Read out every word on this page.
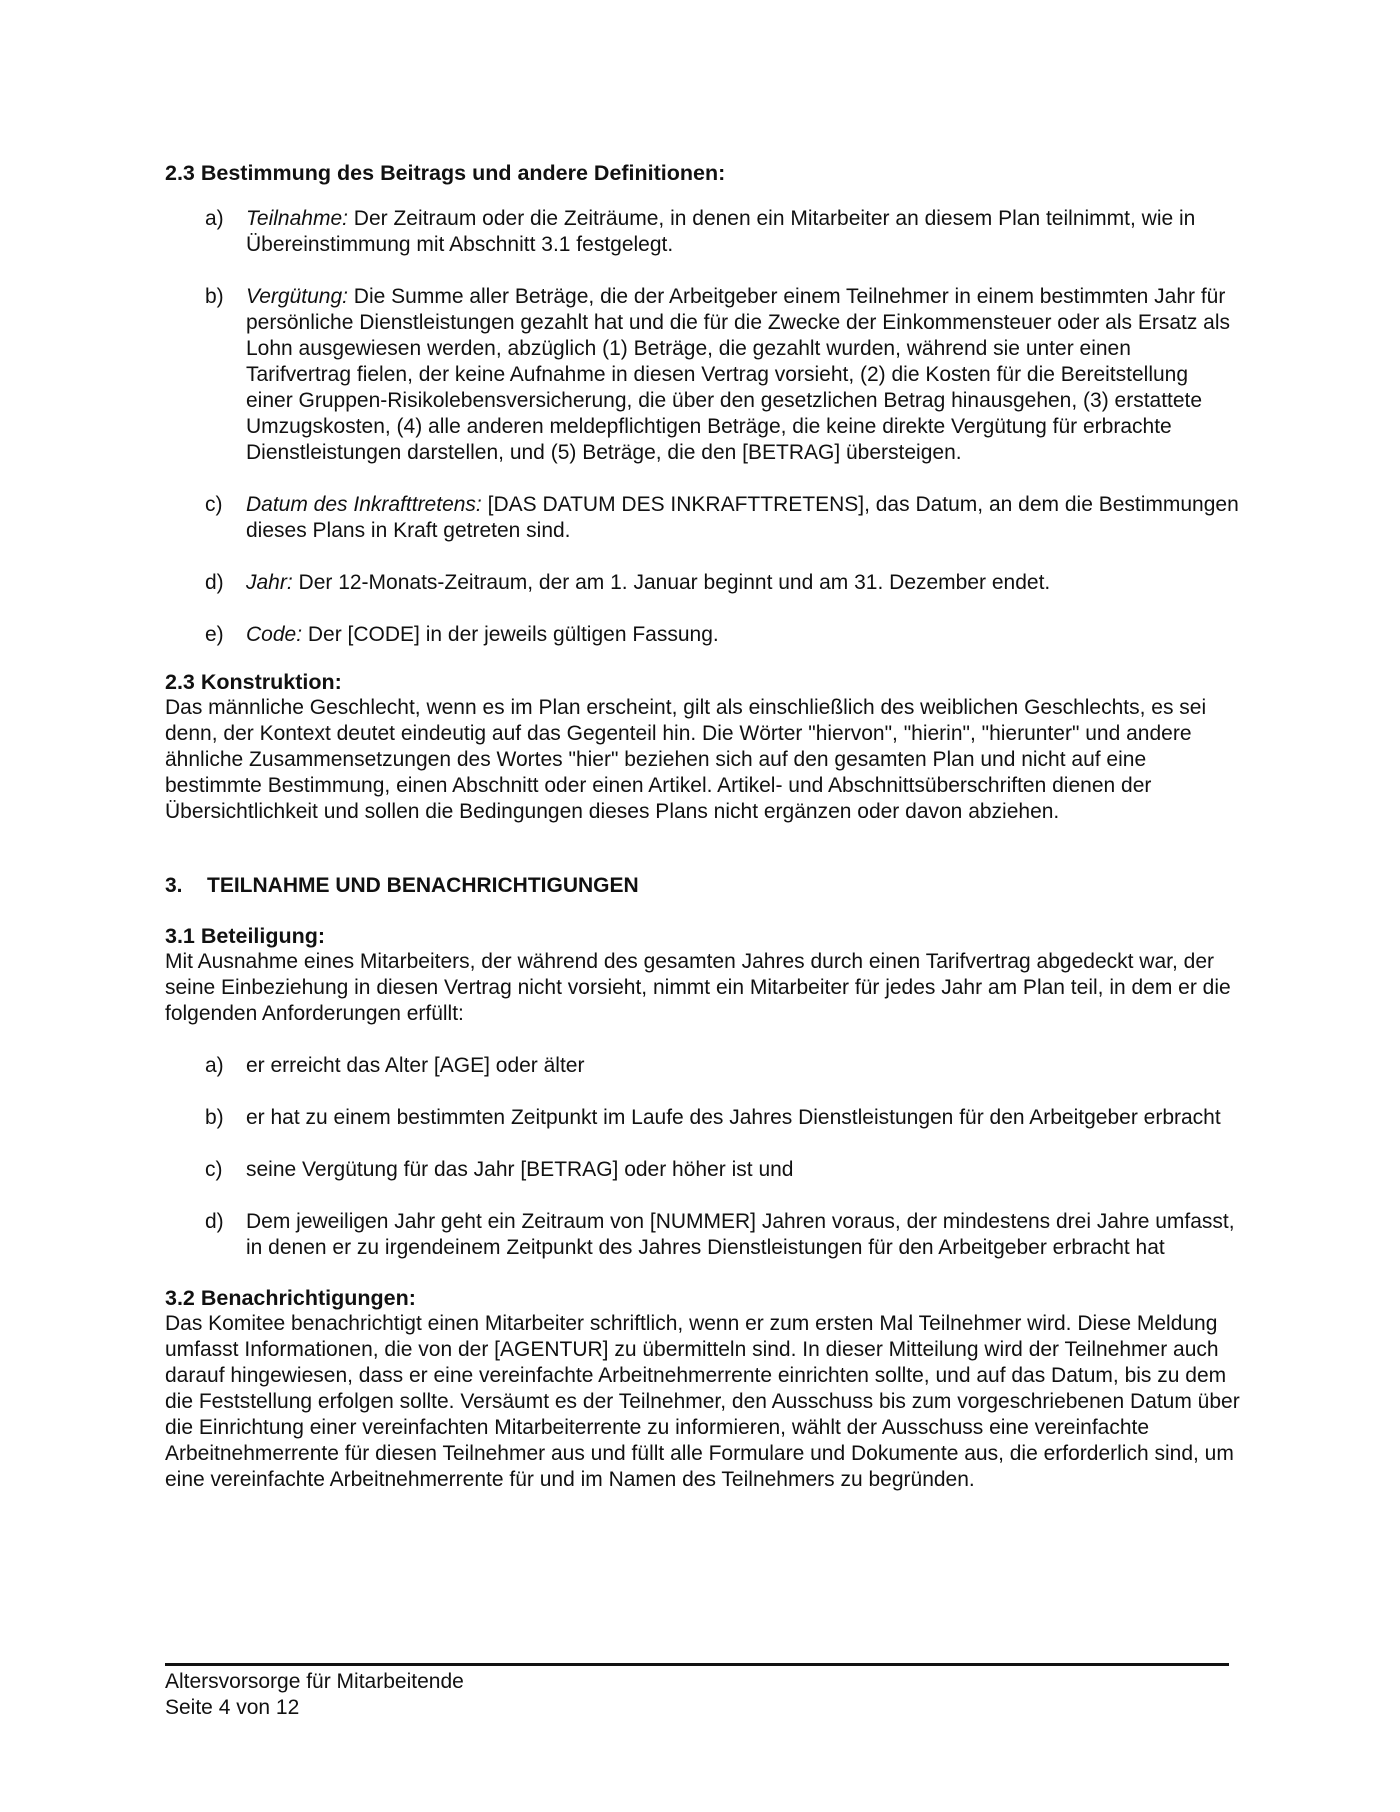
2.3 Bestimmung des Beitrags und andere Definitionen:
a) Teilnahme: Der Zeitraum oder die Zeiträume, in denen ein Mitarbeiter an diesem Plan teilnimmt, wie in Übereinstimmung mit Abschnitt 3.1 festgelegt.
b) Vergütung: Die Summe aller Beträge, die der Arbeitgeber einem Teilnehmer in einem bestimmten Jahr für persönliche Dienstleistungen gezahlt hat und die für die Zwecke der Einkommensteuer oder als Ersatz als Lohn ausgewiesen werden, abzüglich (1) Beträge, die gezahlt wurden, während sie unter einen Tarifvertrag fielen, der keine Aufnahme in diesen Vertrag vorsieht, (2) die Kosten für die Bereitstellung einer Gruppen-Risikolebensversicherung, die über den gesetzlichen Betrag hinausgehen, (3) erstattete Umzugskosten, (4) alle anderen meldepflichtigen Beträge, die keine direkte Vergütung für erbrachte Dienstleistungen darstellen, und (5) Beträge, die den [BETRAG] übersteigen.
c) Datum des Inkrafttretens: [DAS DATUM DES INKRAFTTRETENS], das Datum, an dem die Bestimmungen dieses Plans in Kraft getreten sind.
d) Jahr: Der 12-Monats-Zeitraum, der am 1. Januar beginnt und am 31. Dezember endet.
e) Code: Der [CODE] in der jeweils gültigen Fassung.
2.3 Konstruktion:
Das männliche Geschlecht, wenn es im Plan erscheint, gilt als einschließlich des weiblichen Geschlechts, es sei denn, der Kontext deutet eindeutig auf das Gegenteil hin. Die Wörter "hiervon", "hierin", "hierunter" und andere ähnliche Zusammensetzungen des Wortes "hier" beziehen sich auf den gesamten Plan und nicht auf eine bestimmte Bestimmung, einen Abschnitt oder einen Artikel. Artikel- und Abschnittsüberschriften dienen der Übersichtlichkeit und sollen die Bedingungen dieses Plans nicht ergänzen oder davon abziehen.
3.	TEILNAHME UND BENACHRICHTIGUNGEN
3.1 Beteiligung:
Mit Ausnahme eines Mitarbeiters, der während des gesamten Jahres durch einen Tarifvertrag abgedeckt war, der seine Einbeziehung in diesen Vertrag nicht vorsieht, nimmt ein Mitarbeiter für jedes Jahr am Plan teil, in dem er die folgenden Anforderungen erfüllt:
a) er erreicht das Alter [AGE] oder älter
b) er hat zu einem bestimmten Zeitpunkt im Laufe des Jahres Dienstleistungen für den Arbeitgeber erbracht
c) seine Vergütung für das Jahr [BETRAG] oder höher ist und
d) Dem jeweiligen Jahr geht ein Zeitraum von [NUMMER] Jahren voraus, der mindestens drei Jahre umfasst, in denen er zu irgendeinem Zeitpunkt des Jahres Dienstleistungen für den Arbeitgeber erbracht hat
3.2 Benachrichtigungen:
Das Komitee benachrichtigt einen Mitarbeiter schriftlich, wenn er zum ersten Mal Teilnehmer wird. Diese Meldung umfasst Informationen, die von der [AGENTUR] zu übermitteln sind. In dieser Mitteilung wird der Teilnehmer auch darauf hingewiesen, dass er eine vereinfachte Arbeitnehmerrente einrichten sollte, und auf das Datum, bis zu dem die Feststellung erfolgen sollte. Versäumt es der Teilnehmer, den Ausschuss bis zum vorgeschriebenen Datum über die Einrichtung einer vereinfachten Mitarbeiterrente zu informieren, wählt der Ausschuss eine vereinfachte Arbeitnehmerrente für diesen Teilnehmer aus und füllt alle Formulare und Dokumente aus, die erforderlich sind, um eine vereinfachte Arbeitnehmerrente für und im Namen des Teilnehmers zu begründen.
Altersvorsorge für Mitarbeitende
Seite 4 von 12
